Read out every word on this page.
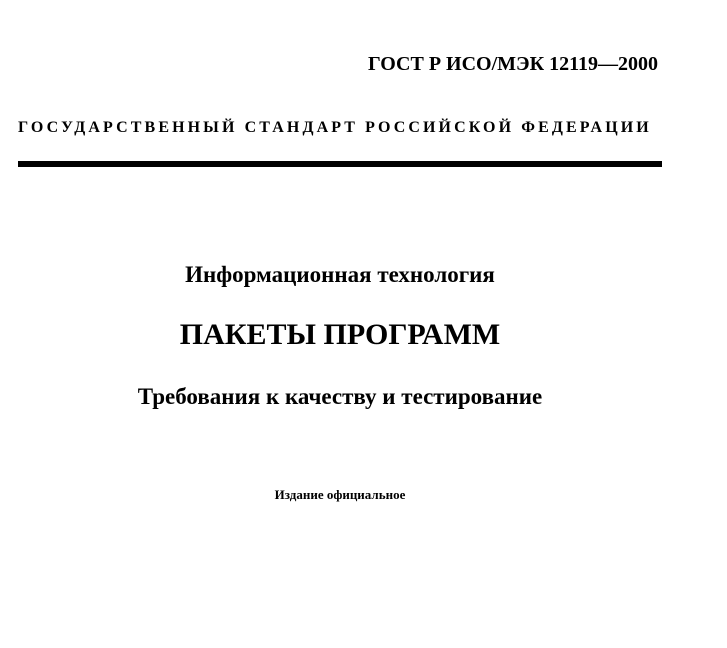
ГОСТ Р ИСО/МЭК 12119—2000
ГОСУДАРСТВЕННЫЙ СТАНДАРТ РОССИЙСКОЙ ФЕДЕРАЦИИ
Информационная технология
ПАКЕТЫ ПРОГРАММ
Требования к качеству и тестирование
Издание официальное
